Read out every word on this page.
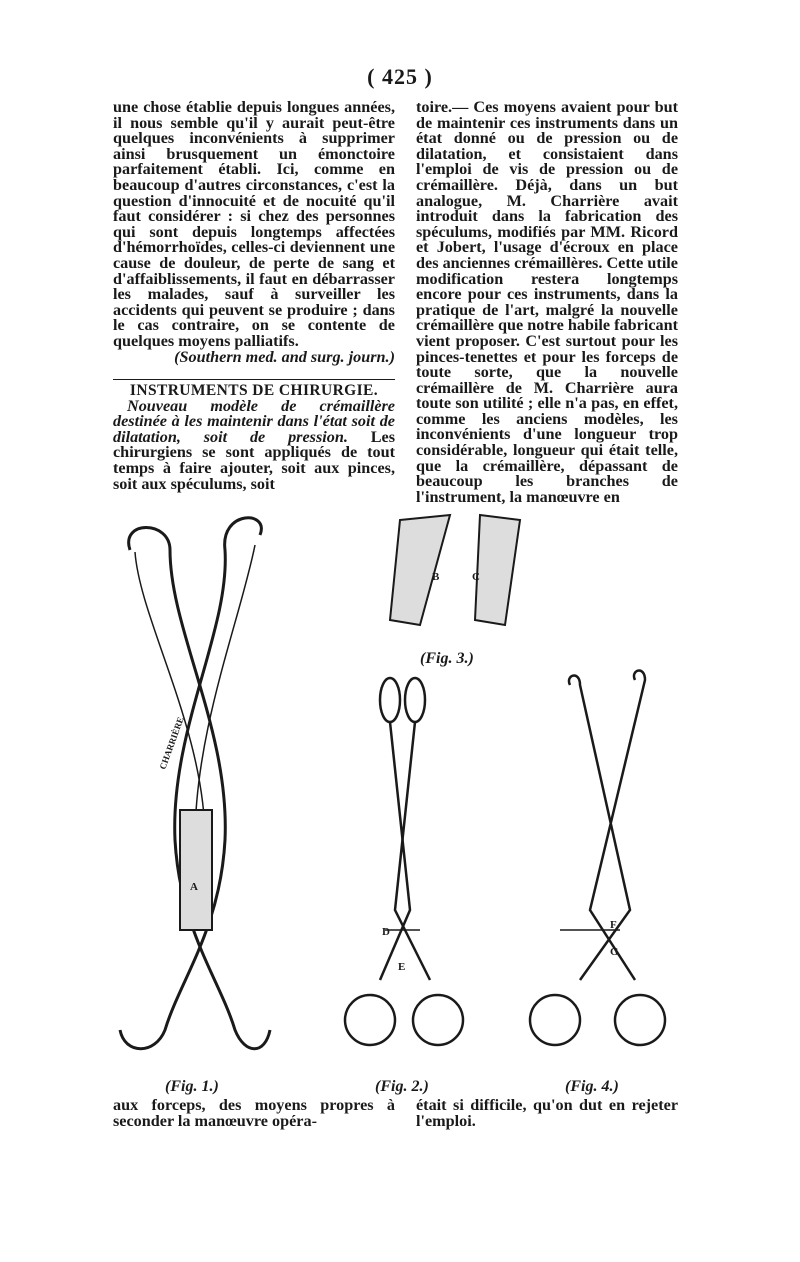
( 425 )

une chose établie depuis longues années, il nous semble qu'il y aurait peut-être quelques inconvénients à supprimer ainsi brusquement un émonctoire parfaitement établi. Ici, comme en beaucoup d'autres circonstances, c'est la question d'innocuité et de nocuité qu'il faut considérer : si chez des personnes qui sont depuis longtemps affectées d'hémorrhoïdes, celles-ci deviennent une cause de douleur, de perte de sang et d'affaiblissements, il faut en débarrasser les malades, sauf à surveiller les accidents qui peuvent se produire ; dans le cas contraire, on se contente de quelques moyens palliatifs.

(Southern med. and surg. journ.)

INSTRUMENTS DE CHIRURGIE.

Nouveau modèle de crémaillère destinée à les maintenir dans l'état soit de dilatation, soit de pression. Les chirurgiens se sont appliqués de tout temps à faire ajouter, soit aux pinces, soit aux spéculums, soit

toire.— Ces moyens avaient pour but de maintenir ces instruments dans un état donné ou de pression ou de dilatation, et consistaient dans l'emploi de vis de pression ou de crémaillère. Déjà, dans un but analogue, M. Charrière avait introduit dans la fabrication des spéculums, modifiés par MM. Ricord et Jobert, l'usage d'écroux en place des anciennes crémaillères. Cette utile modification restera longtemps encore pour ces instruments, dans la pratique de l'art, malgré la nouvelle crémaillère que notre habile fabricant vient proposer. C'est surtout pour les pinces-tenettes et pour les forceps de toute sorte, que la nouvelle crémaillère de M. Charrière aura toute son utilité ; elle n'a pas, en effet, comme les anciens modèles, les inconvénients d'une longueur trop considérable, longueur qui était telle, que la crémaillère, dépassant de beaucoup les branches de l'instrument, la manœuvre en

CHARRIÈRE
A
B	C
D
E
F
G
(Fig. 3.)
(Fig. 1.)	(Fig. 2.)	(Fig. 4.)
aux forceps, des moyens propres à seconder la manœuvre opéra-
était si difficile, qu'on dut en rejeter l'emploi.
